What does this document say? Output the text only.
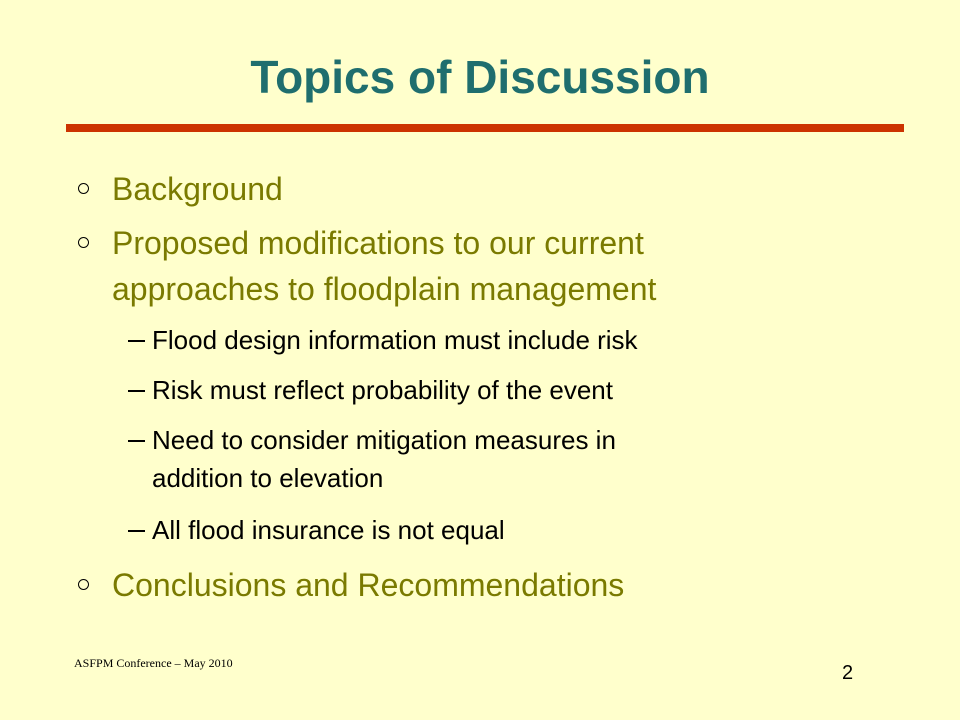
Topics of Discussion
Background
Proposed modifications to our current
approaches to floodplain management
Flood design information must include risk
Risk must reflect probability of the event
Need to consider mitigation measures in
addition to elevation
All flood insurance is not equal
Conclusions and Recommendations
ASFPM Conference – May 2010	2
